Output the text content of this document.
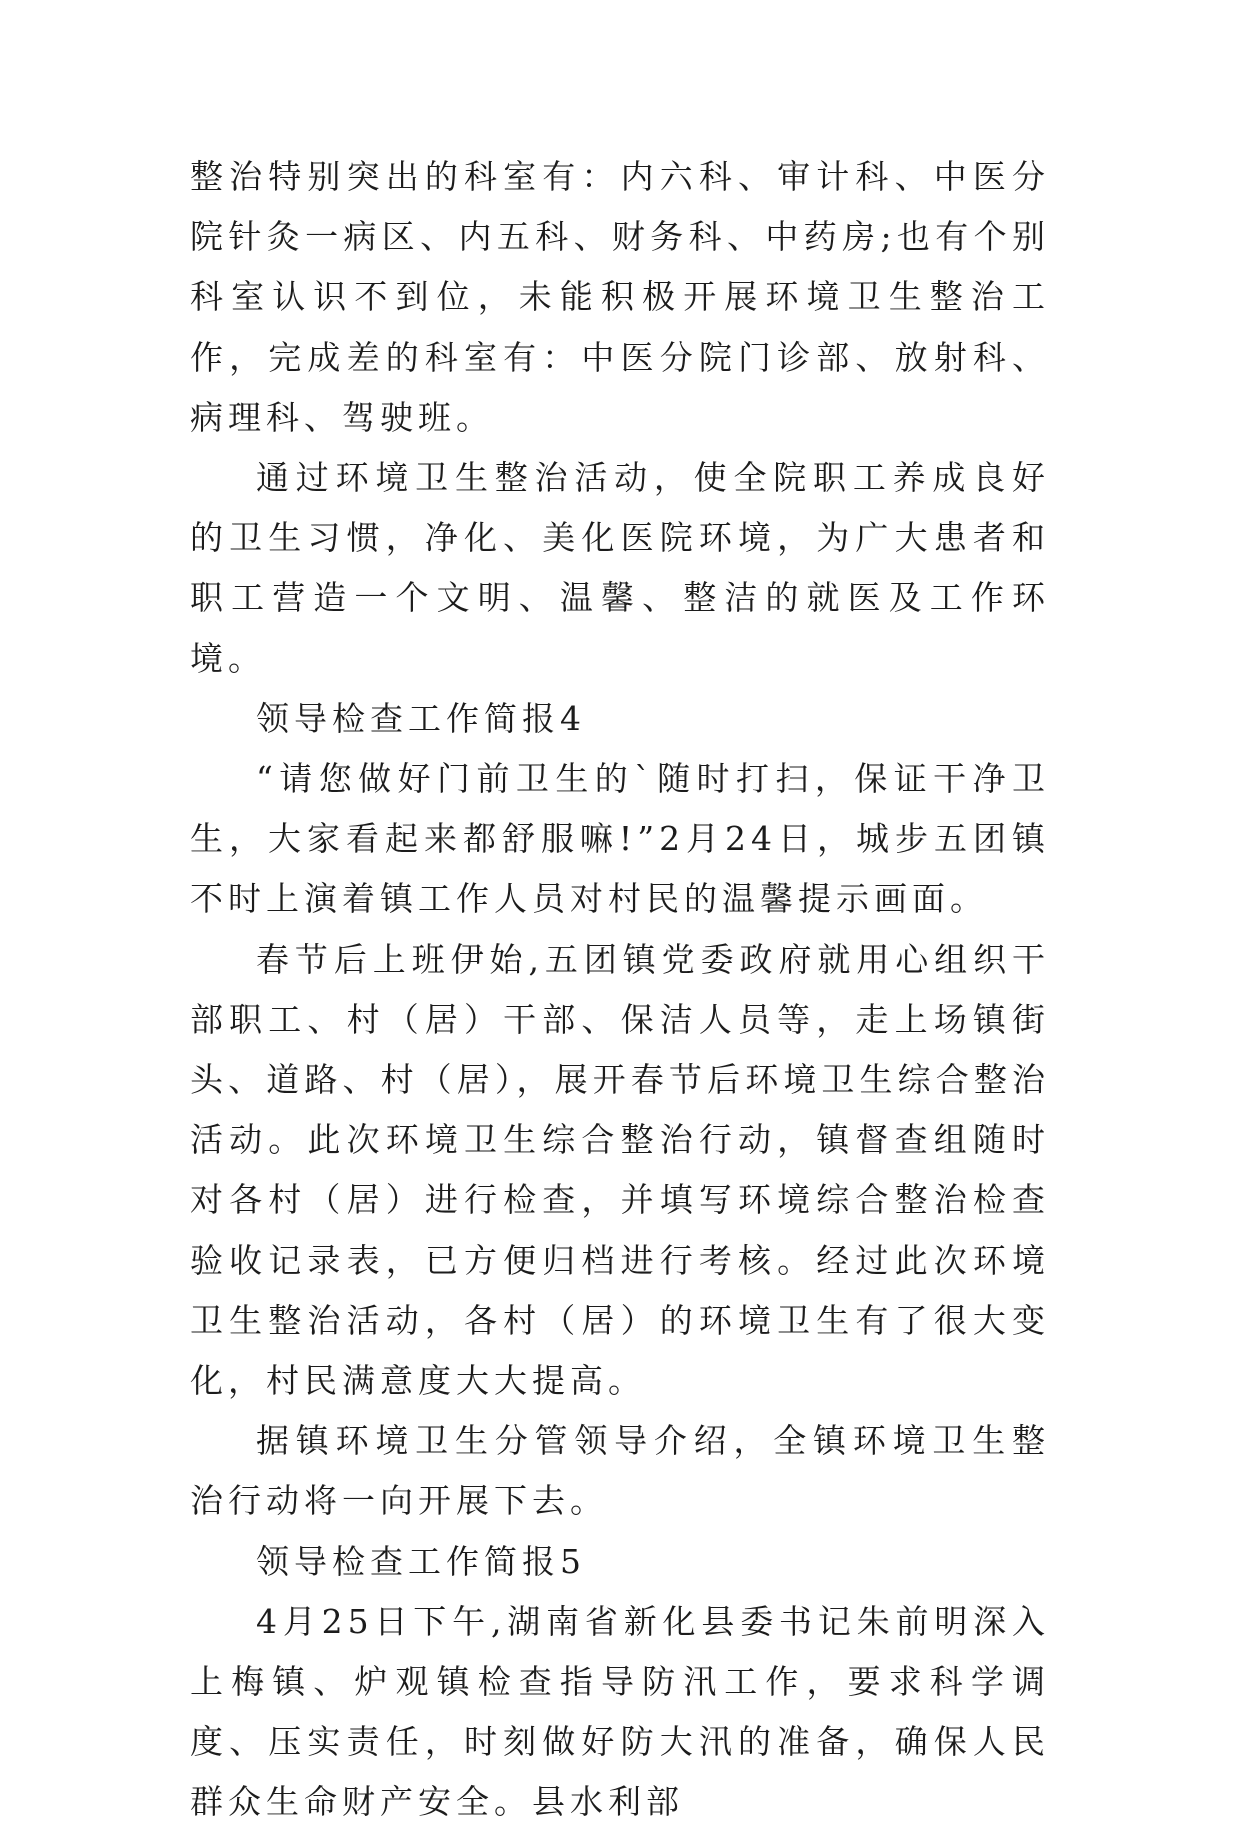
整治特别突出的科室有：内六科、审计科、中医分院针灸一病区、内五科、财务科、中药房;也有个别科室认识不到位，未能积极开展环境卫生整治工作，完成差的科室有：中医分院门诊部、放射科、病理科、驾驶班。

通过环境卫生整治活动，使全院职工养成良好的卫生习惯，净化、美化医院环境，为广大患者和职工营造一个文明、温馨、整洁的就医及工作环境。

领导检查工作简报4

“请您做好门前卫生的`随时打扫，保证干净卫生，大家看起来都舒服嘛!”2月24日，城步五团镇不时上演着镇工作人员对村民的温馨提示画面。

春节后上班伊始,五团镇党委政府就用心组织干部职工、村（居）干部、保洁人员等，走上场镇街头、道路、村（居），展开春节后环境卫生综合整治活动。此次环境卫生综合整治行动，镇督查组随时对各村（居）进行检查，并填写环境综合整治检查验收记录表，已方便归档进行考核。经过此次环境卫生整治活动，各村（居）的环境卫生有了很大变化，村民满意度大大提高。

据镇环境卫生分管领导介绍，全镇环境卫生整治行动将一向开展下去。

领导检查工作简报5

4月25日下午,湖南省新化县委书记朱前明深入上梅镇、炉观镇检查指导防汛工作，要求科学调度、压实责任，时刻做好防大汛的准备，确保人民群众生命财产安全。县水利部
